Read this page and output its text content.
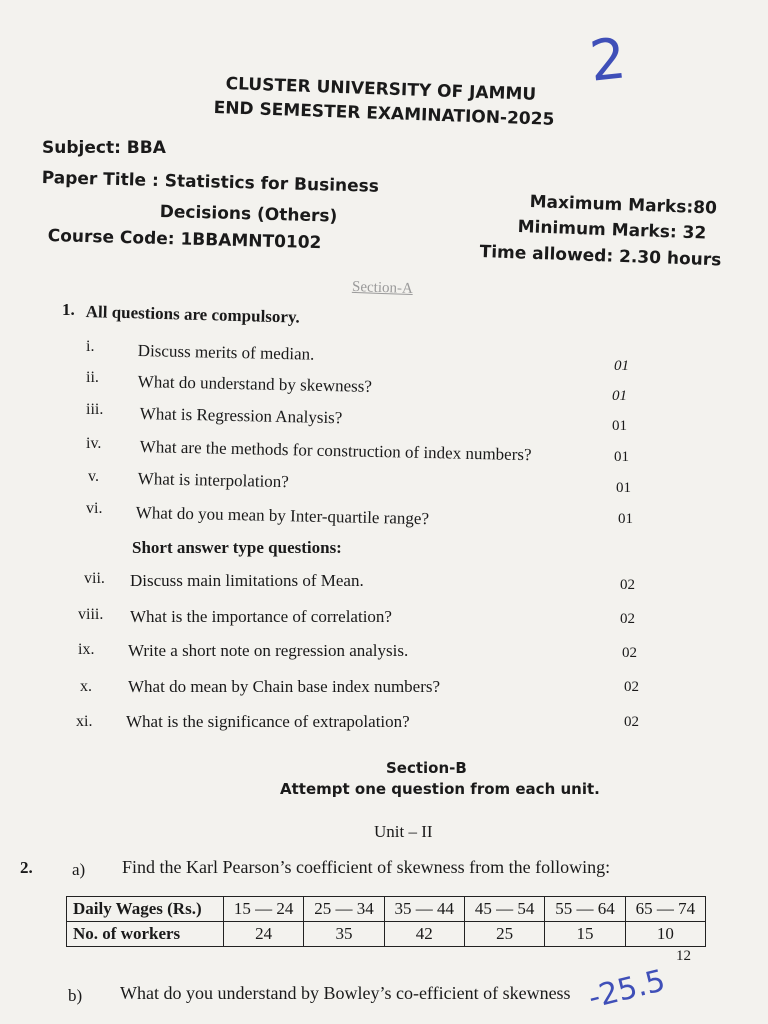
2
CLUSTER UNIVERSITY OF JAMMU
END SEMESTER EXAMINATION-2025
Subject: BBA
Paper Title : Statistics for Business
Decisions (Others)
Course Code: 1BBAMNT0102
Maximum Marks:80
Minimum Marks: 32
Time allowed: 2.30 hours
Section-A
1. All questions are compulsory.
i.	Discuss merits of median.
01
ii. What do understand by skewness?
01
iii. What is Regression Analysis?	01
iv. What are the methods for construction of index numbers?	01
v. What is interpolation?	01
vi. What do you mean by Inter-quartile range?	01
Short answer type questions:
vii. Discuss main limitations of Mean.	02
viii. What is the importance of correlation?	02
ix. Write a short note on regression analysis.	02
x. What do mean by Chain base index numbers?	02
xi. What is the significance of extrapolation?	02
Section-B
Attempt one question from each unit.
Unit – II
2. a) Find the Karl Pearson’s coefficient of skewness from the following:
Daily Wages (Rs.)	15 — 24	25 — 34	35 — 44	45 — 54	55 — 64	65 — 74
No. of workers	24	35	42	25	15	10
12
b) What do you understand by Bowley’s co-efficient of skewness -25.5
